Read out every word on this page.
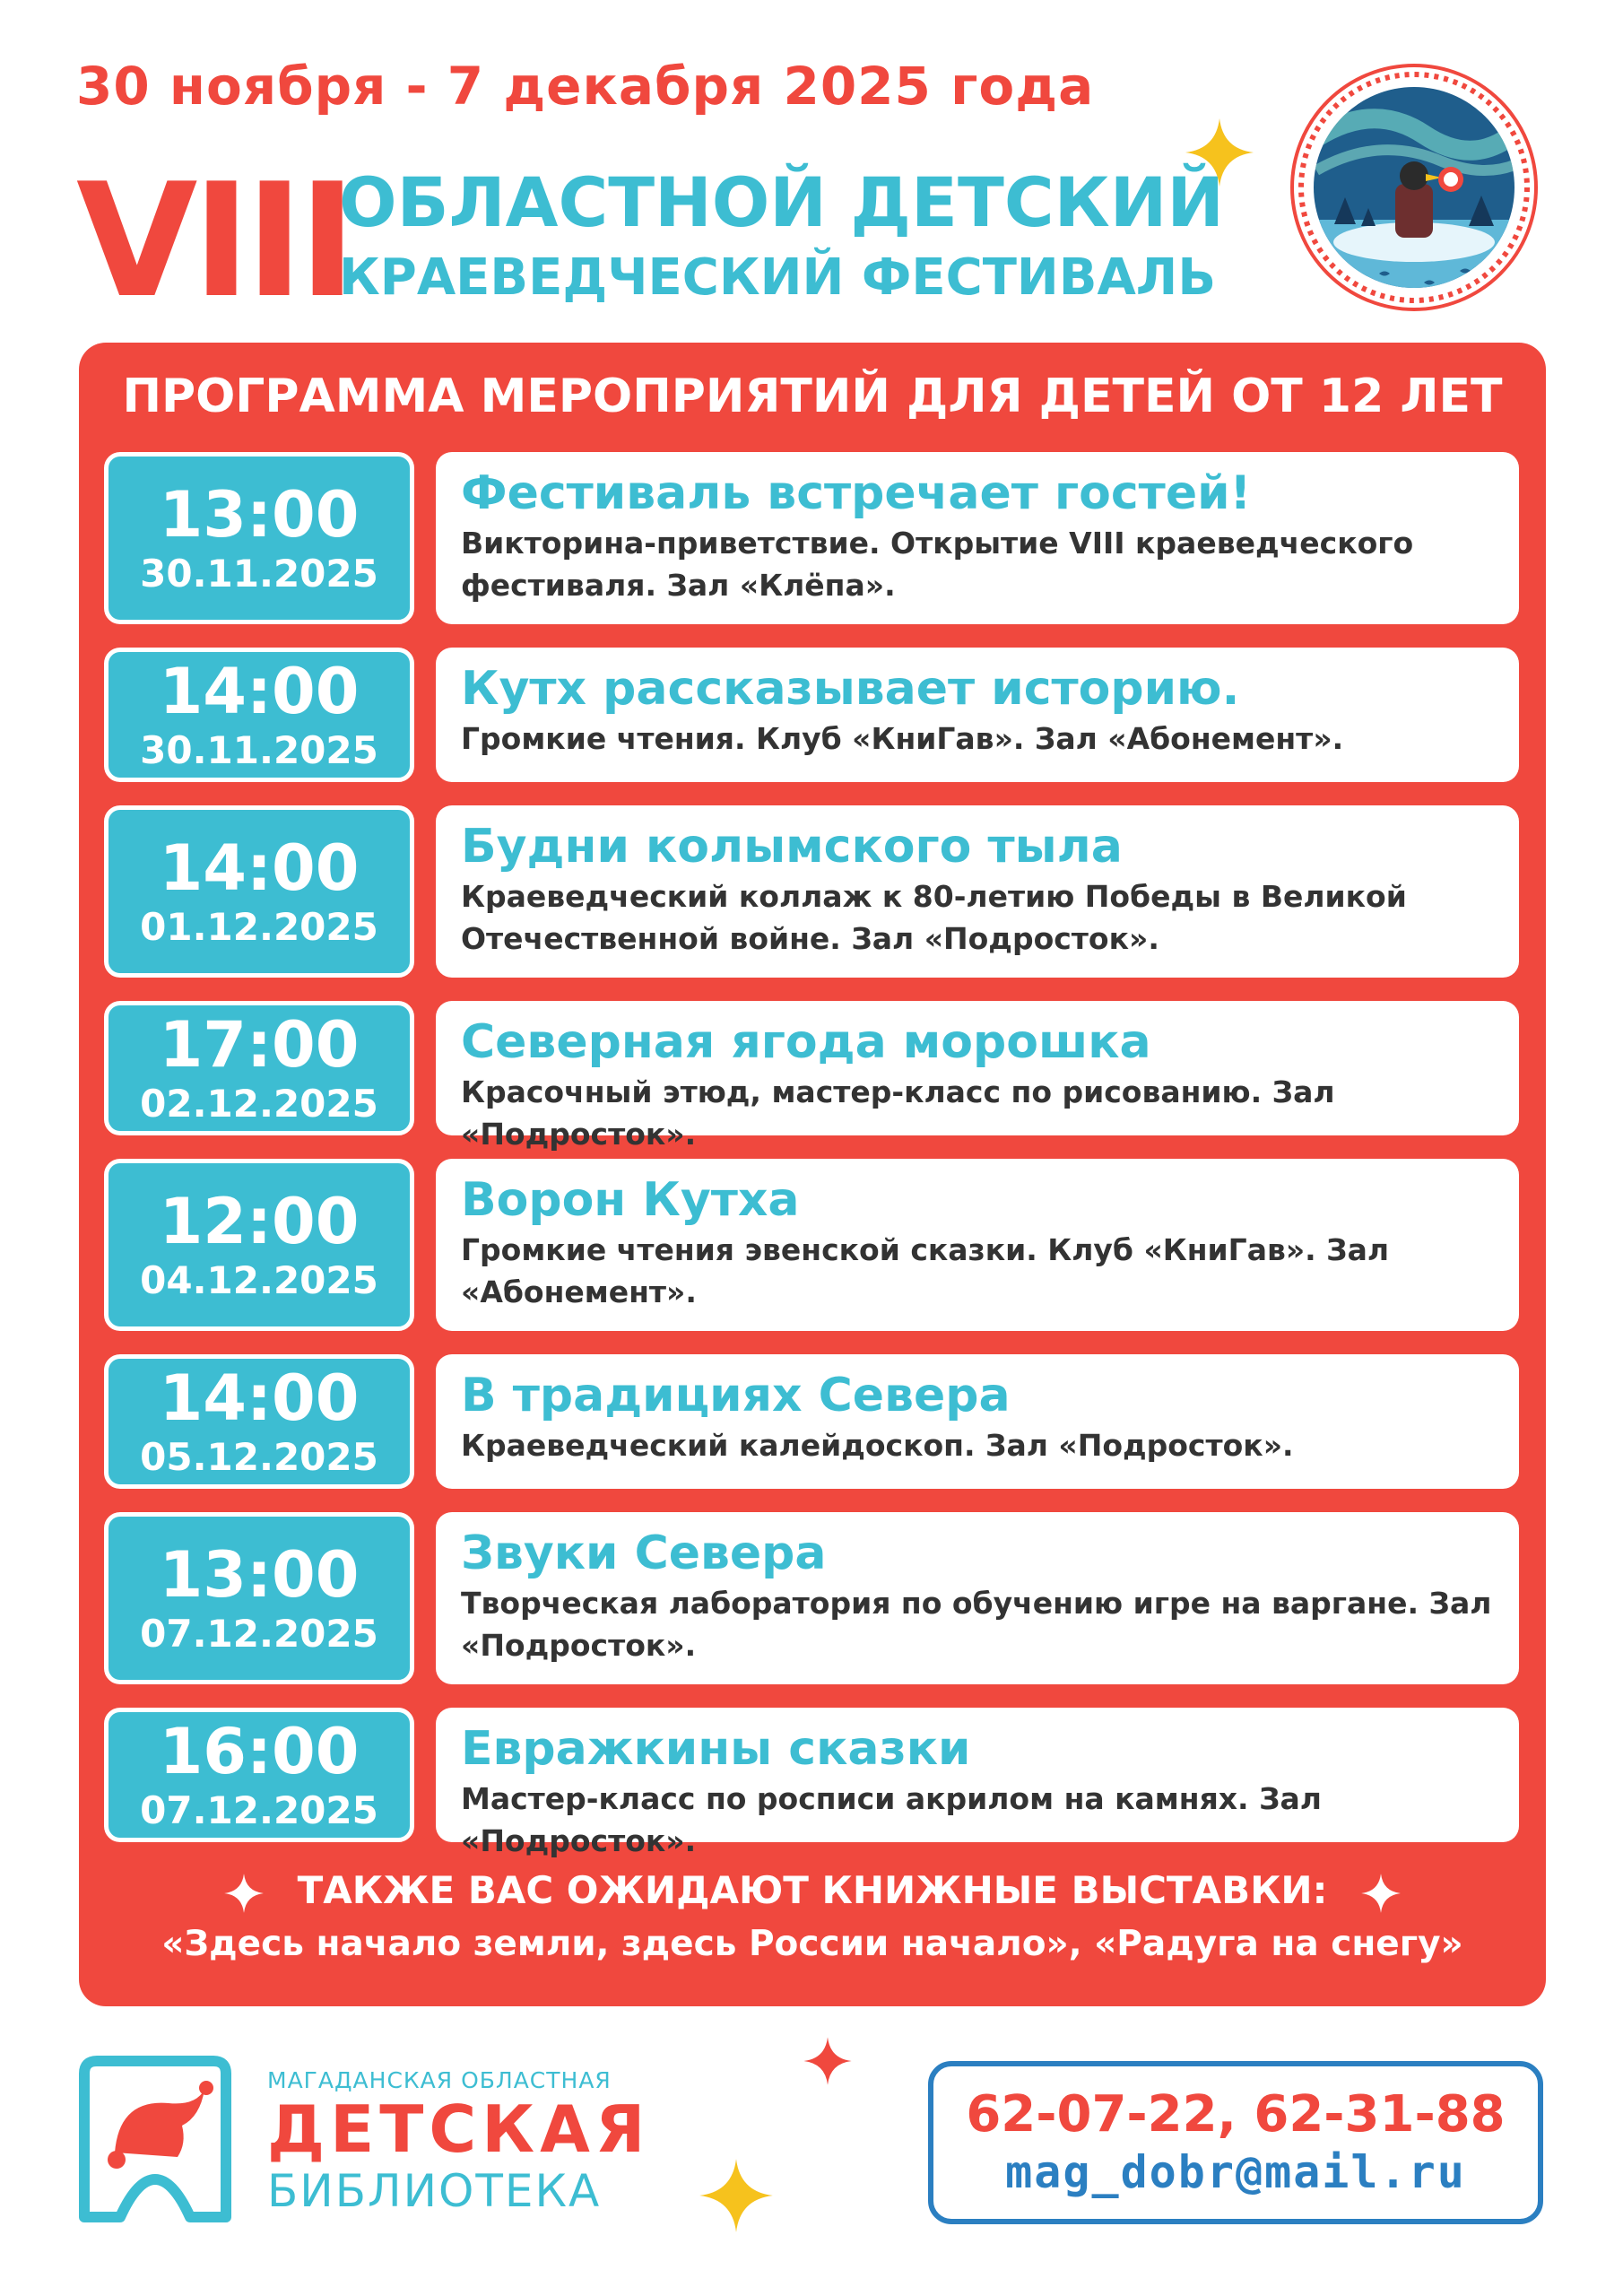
30 ноября - 7 декабря 2025 года
VIII
ОБЛАСТНОЙ ДЕТСКИЙ
КРАЕВЕДЧЕСКИЙ ФЕСТИВАЛЬ
ПРОГРАММА МЕРОПРИЯТИЙ ДЛЯ ДЕТЕЙ ОТ 12 ЛЕТ
13:00
30.11.2025
Фестиваль встречает гостей!
Викторина-приветствие. Открытие VIII краеведческого фестиваля. Зал «Клёпа».
14:00
30.11.2025
Кутх рассказывает историю.
Громкие чтения. Клуб «КниГав». Зал «Абонемент».
14:00
01.12.2025
Будни колымского тыла
Краеведческий коллаж к 80-летию Победы в Великой Отечественной войне. Зал «Подросток».
17:00
02.12.2025
Северная ягода морошка
Красочный этюд, мастер-класс по рисованию. Зал «Подросток».
12:00
04.12.2025
Ворон Кутха
Громкие чтения эвенской сказки. Клуб «КниГав». Зал «Абонемент».
14:00
05.12.2025
В традициях Севера
Краеведческий калейдоскоп. Зал «Подросток».
13:00
07.12.2025
Звуки Севера
Творческая лаборатория по обучению игре на варгане. Зал «Подросток».
16:00
07.12.2025
Евражкины сказки
Мастер-класс по росписи акрилом на камнях. Зал «Подросток».
ТАКЖЕ ВАС ОЖИДАЮТ КНИЖНЫЕ ВЫСТАВКИ:
«Здесь начало земли, здесь России начало», «Радуга на снегу»
МАГАДАНСКАЯ ОБЛАСТНАЯ
ДЕТСКАЯ
БИБЛИОТЕКА
62-07-22, 62-31-88
mag_dobr@mail.ru
